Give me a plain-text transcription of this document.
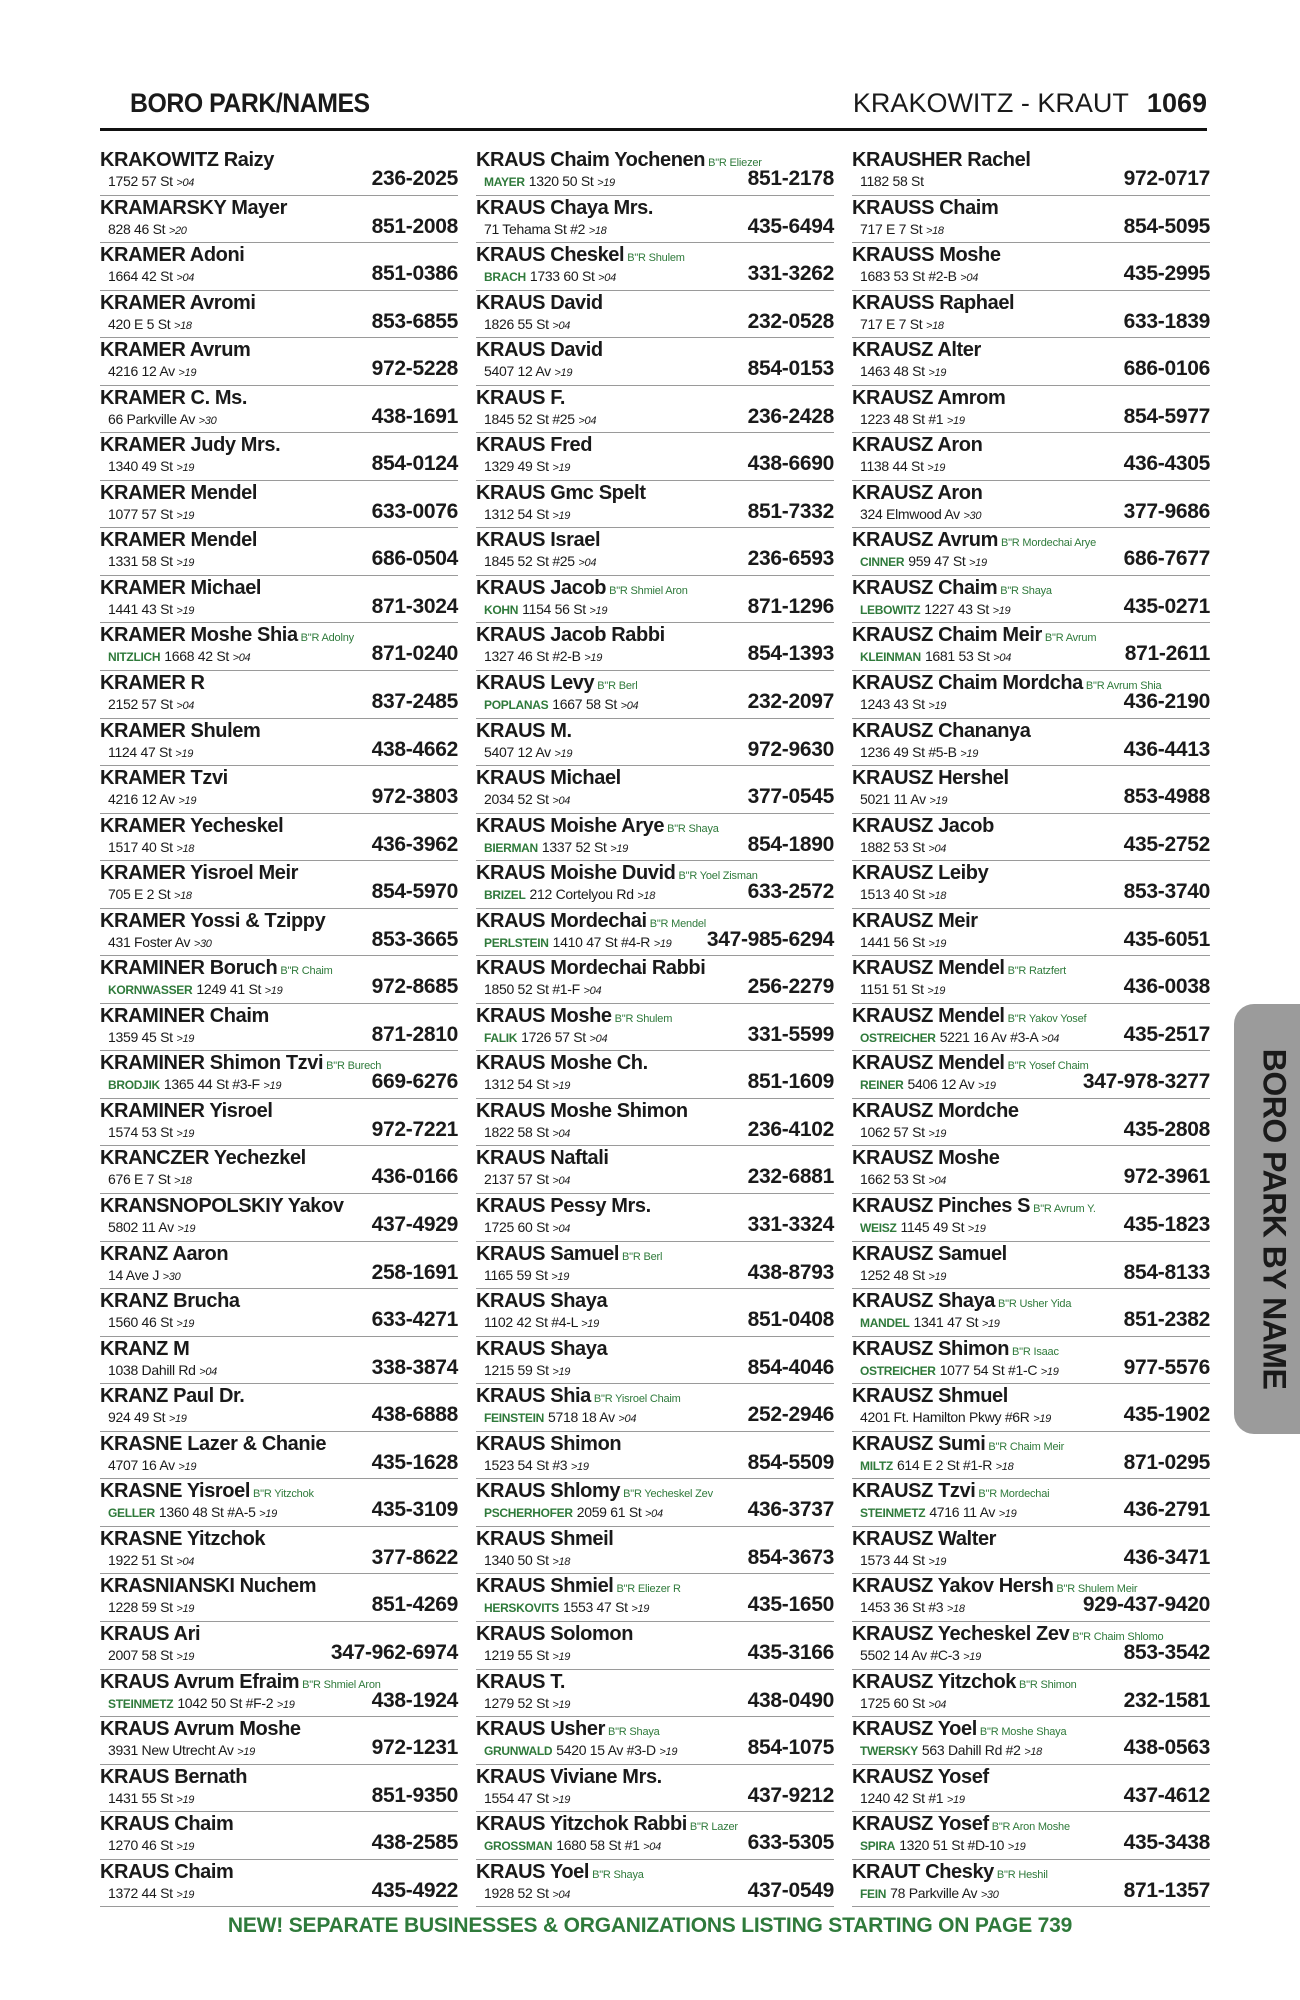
BORO PARK/NAMES	KRAKOWITZ - KRAUT 1069
KRAKOWITZ Raizy
1752 57 St >04	236-2025
KRAMARSKY Mayer
828 46 St >20	851-2008
KRAMER Adoni
1664 42 St >04	851-0386
KRAMER Avromi
420 E 5 St >18	853-6855
KRAMER Avrum
4216 12 Av >19	972-5228
KRAMER C. Ms.
66 Parkville Av >30	438-1691
KRAMER Judy Mrs.
1340 49 St >19	854-0124
KRAMER Mendel
1077 57 St >19	633-0076
KRAMER Mendel
1331 58 St >19	686-0504
KRAMER Michael
1441 43 St >19	871-3024
KRAMER Moshe Shia B"R Adolny
NITZLICH 1668 42 St >04	871-0240
KRAMER R
2152 57 St >04	837-2485
KRAMER Shulem
1124 47 St >19	438-4662
KRAMER Tzvi
4216 12 Av >19	972-3803
KRAMER Yecheskel
1517 40 St >18	436-3962
KRAMER Yisroel Meir
705 E 2 St >18	854-5970
KRAMER Yossi & Tzippy
431 Foster Av >30	853-3665
KRAMINER Boruch B"R Chaim
KORNWASSER 1249 41 St >19	972-8685
KRAMINER Chaim
1359 45 St >19	871-2810
KRAMINER Shimon Tzvi B"R Burech
BRODJIK 1365 44 St #3-F >19	669-6276
KRAMINER Yisroel
1574 53 St >19	972-7221
KRANCZER Yechezkel
676 E 7 St >18	436-0166
KRANSNOPOLSKIY Yakov
5802 11 Av >19	437-4929
KRANZ Aaron
14 Ave J >30	258-1691
KRANZ Brucha
1560 46 St >19	633-4271
KRANZ M
1038 Dahill Rd >04	338-3874
KRANZ Paul Dr.
924 49 St >19	438-6888
KRASNE Lazer & Chanie
4707 16 Av >19	435-1628
KRASNE Yisroel B"R Yitzchok
GELLER 1360 48 St #A-5 >19	435-3109
KRASNE Yitzchok
1922 51 St >04	377-8622
KRASNIANSKI Nuchem
1228 59 St >19	851-4269
KRAUS Ari
2007 58 St >19	347-962-6974
KRAUS Avrum Efraim B"R Shmiel Aron
STEINMETZ 1042 50 St #F-2 >19	438-1924
KRAUS Avrum Moshe
3931 New Utrecht Av >19	972-1231
KRAUS Bernath
1431 55 St >19	851-9350
KRAUS Chaim
1270 46 St >19	438-2585
KRAUS Chaim
1372 44 St >19	435-4922
KRAUS Chaim Yochenen B"R Eliezer
MAYER 1320 50 St >19	851-2178
KRAUS Chaya Mrs.
71 Tehama St #2 >18	435-6494
KRAUS Cheskel B"R Shulem
BRACH 1733 60 St >04	331-3262
KRAUS David
1826 55 St >04	232-0528
KRAUS David
5407 12 Av >19	854-0153
KRAUS F.
1845 52 St #25 >04	236-2428
KRAUS Fred
1329 49 St >19	438-6690
KRAUS Gmc Spelt
1312 54 St >19	851-7332
KRAUS Israel
1845 52 St #25 >04	236-6593
KRAUS Jacob B"R Shmiel Aron
KOHN 1154 56 St >19	871-1296
KRAUS Jacob Rabbi
1327 46 St #2-B >19	854-1393
KRAUS Levy B"R Berl
POPLANAS 1667 58 St >04	232-2097
KRAUS M.
5407 12 Av >19	972-9630
KRAUS Michael
2034 52 St >04	377-0545
KRAUS Moishe Arye B"R Shaya
BIERMAN 1337 52 St >19	854-1890
KRAUS Moishe Duvid B"R Yoel Zisman
BRIZEL 212 Cortelyou Rd >18	633-2572
KRAUS Mordechai B"R Mendel
PERLSTEIN 1410 47 St #4-R >19 347-985-6294
KRAUS Mordechai Rabbi
1850 52 St #1-F >04	256-2279
KRAUS Moshe B"R Shulem
FALIK 1726 57 St >04	331-5599
KRAUS Moshe Ch.
1312 54 St >19	851-1609
KRAUS Moshe Shimon
1822 58 St >04	236-4102
KRAUS Naftali
2137 57 St >04	232-6881
KRAUS Pessy Mrs.
1725 60 St >04	331-3324
KRAUS Samuel B"R Berl
1165 59 St >19	438-8793
KRAUS Shaya
1102 42 St #4-L >19	851-0408
KRAUS Shaya
1215 59 St >19	854-4046
KRAUS Shia B"R Yisroel Chaim
FEINSTEIN 5718 18 Av >04	252-2946
KRAUS Shimon
1523 54 St #3 >19	854-5509
KRAUS Shlomy B"R Yecheskel Zev
PSCHERHOFER 2059 61 St >04	436-3737
KRAUS Shmeil
1340 50 St >18	854-3673
KRAUS Shmiel B"R Eliezer R
HERSKOVITS 1553 47 St >19	435-1650
KRAUS Solomon
1219 55 St >19	435-3166
KRAUS T.
1279 52 St >19	438-0490
KRAUS Usher B"R Shaya
GRUNWALD 5420 15 Av #3-D >19	854-1075
KRAUS Viviane Mrs.
1554 47 St >19	437-9212
KRAUS Yitzchok Rabbi B"R Lazer
GROSSMAN 1680 58 St #1 >04	633-5305
KRAUS Yoel B"R Shaya
1928 52 St >04	437-0549
KRAUSHER Rachel
1182 58 St	972-0717
KRAUSS Chaim
717 E 7 St >18	854-5095
KRAUSS Moshe
1683 53 St #2-B >04	435-2995
KRAUSS Raphael
717 E 7 St >18	633-1839
KRAUSZ Alter
1463 48 St >19	686-0106
KRAUSZ Amrom
1223 48 St #1 >19	854-5977
KRAUSZ Aron
1138 44 St >19	436-4305
KRAUSZ Aron
324 Elmwood Av >30	377-9686
KRAUSZ Avrum B"R Mordechai Arye
CINNER 959 47 St >19	686-7677
KRAUSZ Chaim B"R Shaya
LEBOWITZ 1227 43 St >19	435-0271
KRAUSZ Chaim Meir B"R Avrum
KLEINMAN 1681 53 St >04	871-2611
KRAUSZ Chaim Mordcha B"R Avrum Shia
1243 43 St >19	436-2190
KRAUSZ Chananya
1236 49 St #5-B >19	436-4413
KRAUSZ Hershel
5021 11 Av >19	853-4988
KRAUSZ Jacob
1882 53 St >04	435-2752
KRAUSZ Leiby
1513 40 St >18	853-3740
KRAUSZ Meir
1441 56 St >19	435-6051
KRAUSZ Mendel B"R Ratzfert
1151 51 St >19	436-0038
KRAUSZ Mendel B"R Yakov Yosef
OSTREICHER 5221 16 Av #3-A >04	435-2517
KRAUSZ Mendel B"R Yosef Chaim
REINER 5406 12 Av >19	347-978-3277
KRAUSZ Mordche
1062 57 St >19	435-2808
KRAUSZ Moshe
1662 53 St >04	972-3961
KRAUSZ Pinches S B"R Avrum Y.
WEISZ 1145 49 St >19	435-1823
KRAUSZ Samuel
1252 48 St >19	854-8133
KRAUSZ Shaya B"R Usher Yida
MANDEL 1341 47 St >19	851-2382
KRAUSZ Shimon B"R Isaac
OSTREICHER 1077 54 St #1-C >19	977-5576
KRAUSZ Shmuel
4201 Ft. Hamilton Pkwy #6R >19	435-1902
KRAUSZ Sumi B"R Chaim Meir
MILTZ 614 E 2 St #1-R >18	871-0295
KRAUSZ Tzvi B"R Mordechai
STEINMETZ 4716 11 Av >19	436-2791
KRAUSZ Walter
1573 44 St >19	436-3471
KRAUSZ Yakov Hersh B"R Shulem Meir
1453 36 St #3 >18	929-437-9420
KRAUSZ Yecheskel Zev B"R Chaim Shlomo
5502 14 Av #C-3 >19	853-3542
KRAUSZ Yitzchok B"R Shimon
1725 60 St >04	232-1581
KRAUSZ Yoel B"R Moshe Shaya
TWERSKY 563 Dahill Rd #2 >18	438-0563
KRAUSZ Yosef
1240 42 St #1 >19	437-4612
KRAUSZ Yosef B"R Aron Moshe
SPIRA 1320 51 St #D-10 >19	435-3438
KRAUT Chesky B"R Heshil
FEIN 78 Parkville Av >30	871-1357
BORO PARK BY NAME
NEW! SEPARATE BUSINESSES & ORGANIZATIONS LISTING STARTING ON PAGE 739
